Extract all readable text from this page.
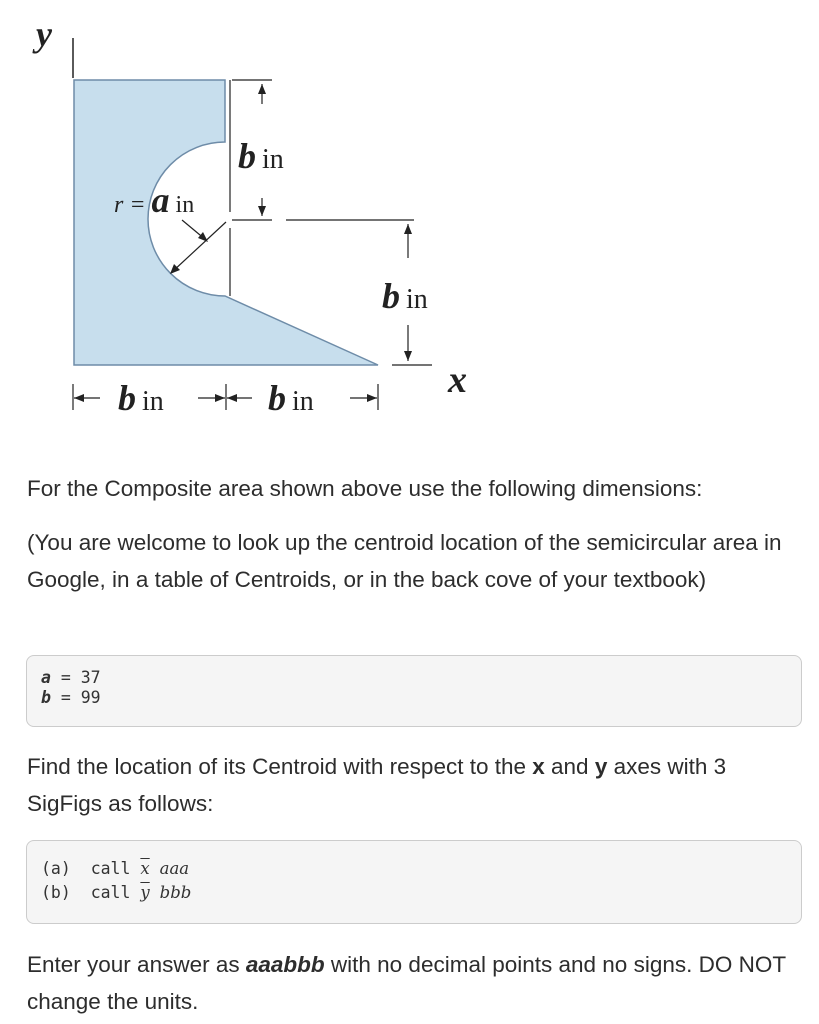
y
b in
r = a in
b in
x
b in	b in

For the Composite area shown above use the following dimensions:

(You are welcome to look up the centroid location of the semicircular area in Google, in a table of Centroids, or in the back cove of your textbook)

a = 37
b = 99

Find the location of its Centroid with respect to the x and y axes with 3 SigFigs as follows:

(a) call $\overline{x}$ aaa
(b) call $\overline{y}$ bbb

Enter your answer as aaabbb with no decimal points and no signs. DO NOT change the units.
